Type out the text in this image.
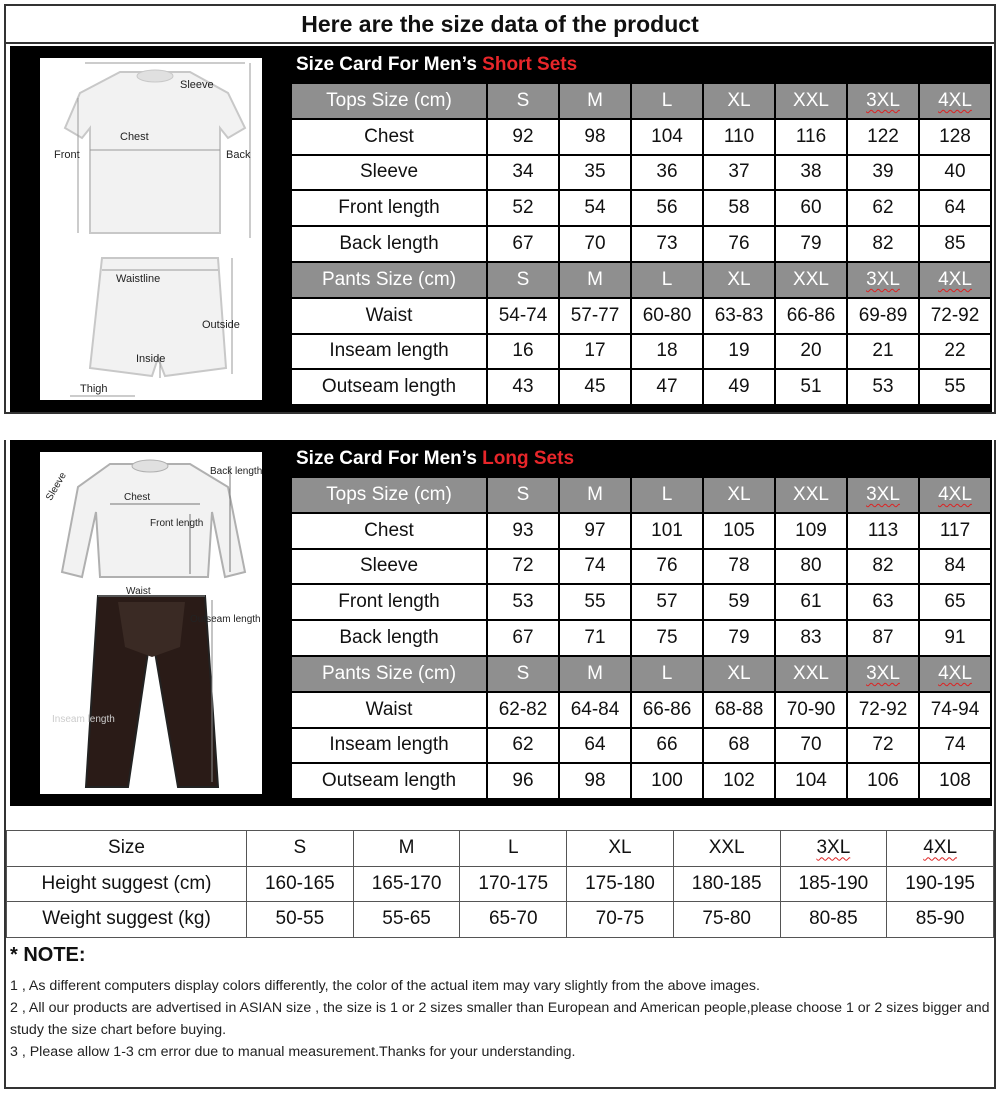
Here are the size data of the product
Sleeve
Chest
Front	Back
Waistline
Outside
Inside
Thigh
Size Card For Men’s Short Sets
Tops Size (cm)	S	M	L	XL	XXL	3XL	4XL
Chest	92	98	104	110	116	122	128
Sleeve	34	35	36	37	38	39	40
Front length	52	54	56	58	60	62	64
Back length	67	70	73	76	79	82	85
Pants Size (cm)	S	M	L	XL	XXL	3XL	4XL
Waist	54-74	57-77	60-80	63-83	66-86	69-89	72-92
Inseam length	16	17	18	19	20	21	22
Outseam length	43	45	47	49	51	53	55
Back length
Chest
Front length
Sleeve
Waist
Outseam length
Inseam length
Size Card For Men’s Long Sets
Tops Size (cm)	S	M	L	XL	XXL	3XL	4XL
Chest	93	97	101	105	109	113	117
Sleeve	72	74	76	78	80	82	84
Front length	53	55	57	59	61	63	65
Back length	67	71	75	79	83	87	91
Pants Size (cm)	S	M	L	XL	XXL	3XL	4XL
Waist	62-82	64-84	66-86	68-88	70-90	72-92	74-94
Inseam length	62	64	66	68	70	72	74
Outseam length	96	98	100	102	104	106	108
Size	S	M	L	XL	XXL	3XL	4XL
Height suggest (cm)	160-165	165-170	170-175	175-180	180-185	185-190	190-195
Weight suggest (kg)	50-55	55-65	65-70	70-75	75-80	80-85	85-90
* NOTE:

1 , As different computers display colors differently, the color of the actual item may vary slightly from the above images.

2 , All our products are advertised in ASIAN size , the size is 1 or 2 sizes smaller than European and American people,please choose 1 or 2 sizes bigger and study the size chart before buying.

3 , Please allow 1-3 cm error due to manual measurement.Thanks for your understanding.
